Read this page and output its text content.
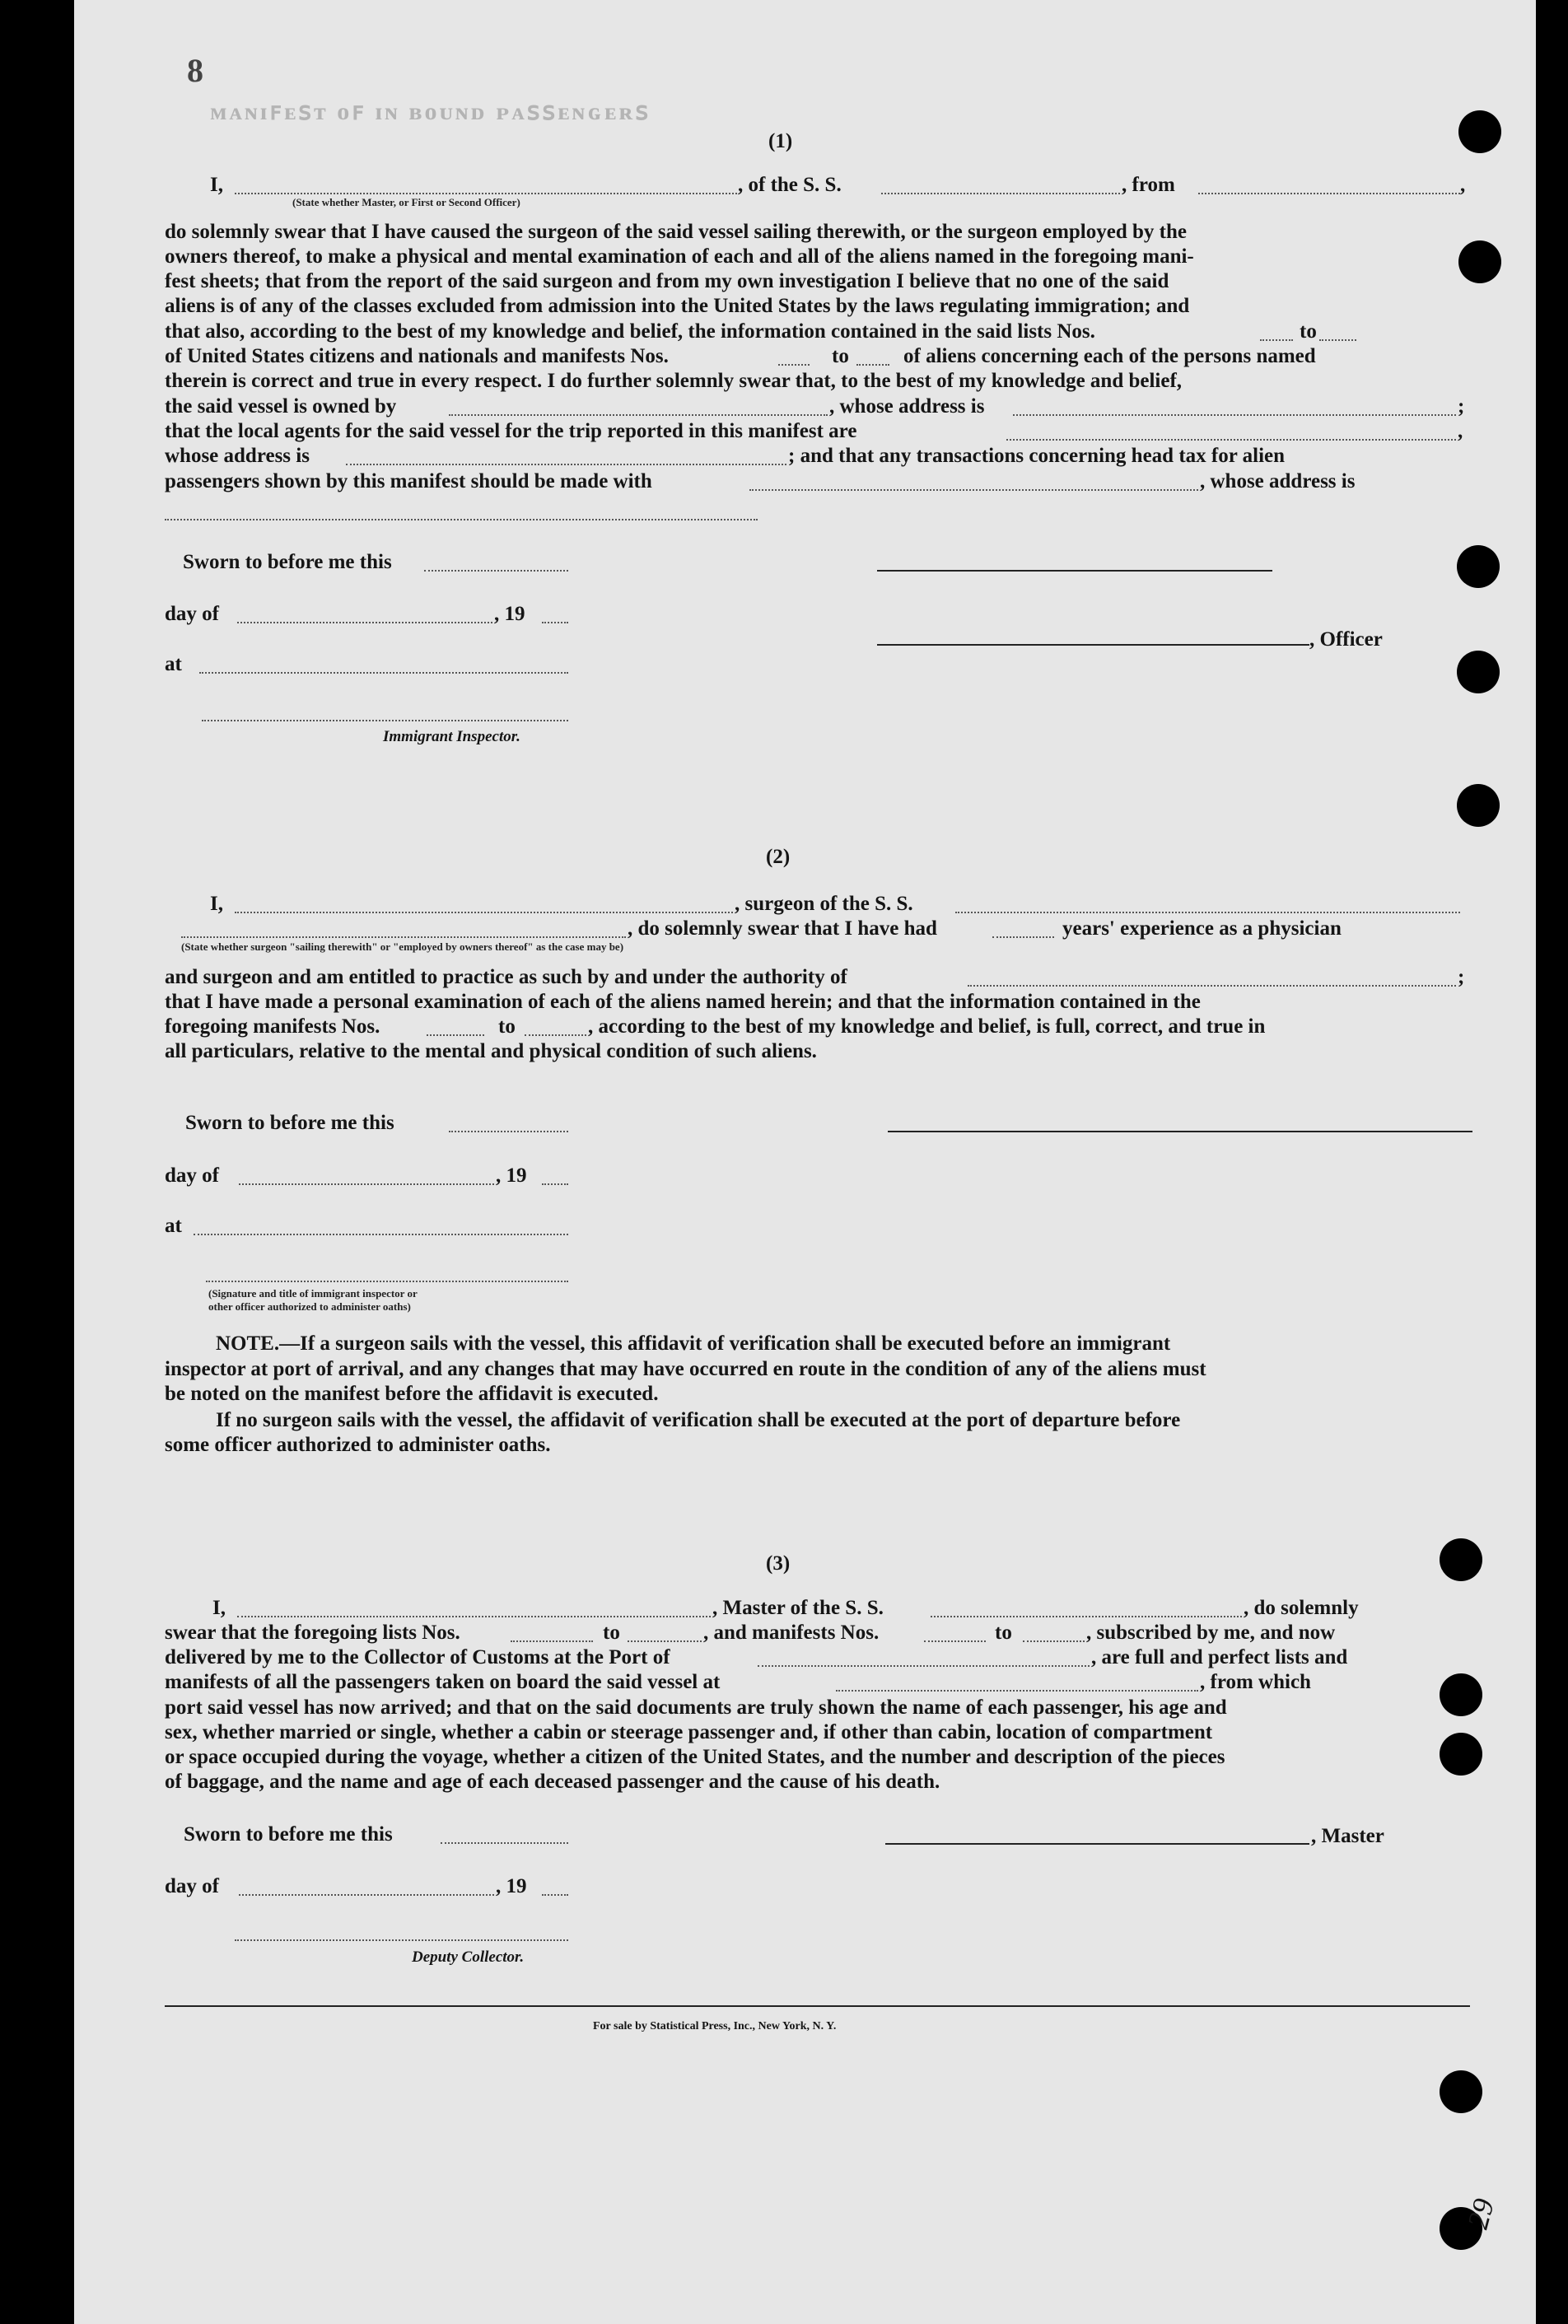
ᴍᴀɴɪꜰᴇꜱᴛ ᴏꜰ ɪɴ ʙᴏᴜɴᴅ ᴘᴀꜱꜱᴇɴɢᴇʀꜱ
8
(1)
I,	, of the S. S.	, from	,
(State whether Master, or First or Second Officer)
do solemnly swear that I have caused the surgeon of the said vessel sailing therewith, or the surgeon employed by the
owners thereof, to make a physical and mental examination of each and all of the aliens named in the foregoing mani-
fest sheets; that from the report of the said surgeon and from my own investigation I believe that no one of the said
aliens is of any of the classes excluded from admission into the United States by the laws regulating immigration; and
that also, according to the best of my knowledge and belief, the information contained in the said lists Nos.	to
of United States citizens and nationals and manifests Nos.	to	of aliens concerning each of the persons named
therein is correct and true in every respect. I do further solemnly swear that, to the best of my knowledge and belief,
the said vessel is owned by	, whose address is	;
that the local agents for the said vessel for the trip reported in this manifest are	,
whose address is	; and that any transactions concerning head tax for alien
passengers shown by this manifest should be made with	, whose address is
Sworn to before me this
day of	, 19
, Officer
at
Immigrant Inspector.
(2)
I,	, surgeon of the S. S.
, do solemnly swear that I have had	years' experience as a physician
(State whether surgeon "sailing therewith" or "employed by owners thereof" as the case may be)
and surgeon and am entitled to practice as such by and under the authority of	;
that I have made a personal examination of each of the aliens named herein; and that the information contained in the
foregoing manifests Nos.	to	, according to the best of my knowledge and belief, is full, correct, and true in
all particulars, relative to the mental and physical condition of such aliens.
Sworn to before me this
day of	, 19
at
(Signature and title of immigrant inspector or
other officer authorized to administer oaths)
NOTE.—If a surgeon sails with the vessel, this affidavit of verification shall be executed before an immigrant
inspector at port of arrival, and any changes that may have occurred en route in the condition of any of the aliens must
be noted on the manifest before the affidavit is executed.
If no surgeon sails with the vessel, the affidavit of verification shall be executed at the port of departure before
some officer authorized to administer oaths.
(3)
I,	, Master of the S. S.	, do solemnly
swear that the foregoing lists Nos.	to	, and manifests Nos.	to	, subscribed by me, and now
delivered by me to the Collector of Customs at the Port of	, are full and perfect lists and
manifests of all the passengers taken on board the said vessel at	, from which
port said vessel has now arrived; and that on the said documents are truly shown the name of each passenger, his age and
sex, whether married or single, whether a cabin or steerage passenger and, if other than cabin, location of compartment
or space occupied during the voyage, whether a citizen of the United States, and the number and description of the pieces
of baggage, and the name and age of each deceased passenger and the cause of his death.
Sworn to before me this	, Master
day of	, 19
Deputy Collector.
For sale by Statistical Press, Inc., New York, N. Y.
29
